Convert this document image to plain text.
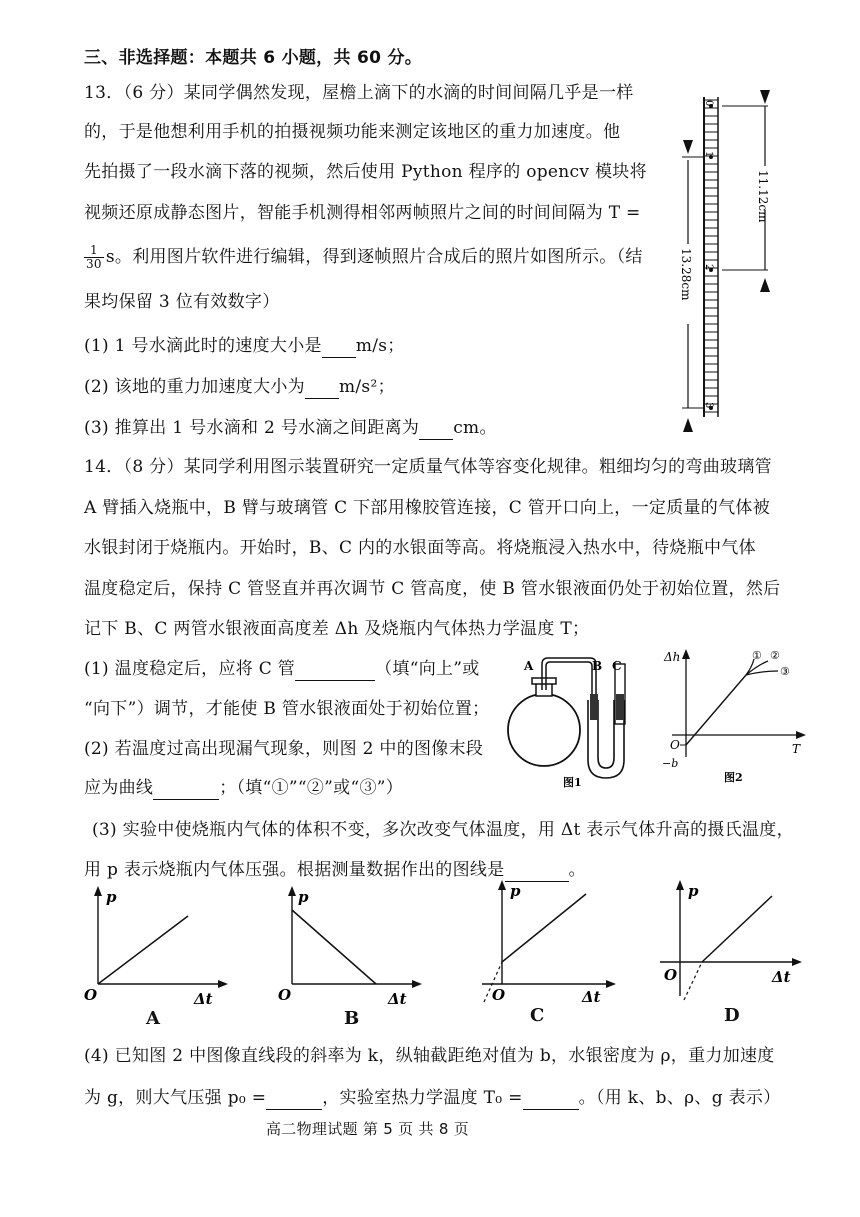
三、非选择题：本题共 6 小题，共 60 分。
13．（6 分）某同学偶然发现，屋檐上滴下的水滴的时间间隔几乎是一样
的，于是他想利用手机的拍摄视频功能来测定该地区的重力加速度。他
先拍摄了一段水滴下落的视频，然后使用 Python 程序的 opencv 模块将
视频还原成静态图片，智能手机测得相邻两帧照片之间的时间间隔为 T =
$\frac{1}{30}$ s。利用图片软件进行编辑，得到逐帧照片合成后的照片如图所示。（结
果均保留 3 位有效数字）
(1) 1 号水滴此时的速度大小是 m/s；
(2) 该地的重力加速度大小为 m/s²；
(3) 推算出 1 号水滴和 2 号水滴之间距离为 cm。
0
1
2
3
11.12cm
13.28cm
14．（8 分）某同学利用图示装置研究一定质量气体等容变化规律。粗细均匀的弯曲玻璃管
A 臂插入烧瓶中，B 臂与玻璃管 C 下部用橡胶管连接，C 管开口向上，一定质量的气体被
水银封闭于烧瓶内。开始时，B、C 内的水银面等高。将烧瓶浸入热水中，待烧瓶中气体
温度稳定后，保持 C 管竖直并再次调节 C 管高度，使 B 管水银液面仍处于初始位置，然后
记下 B、C 两管水银液面高度差 Δh 及烧瓶内气体热力学温度 T；
(1) 温度稳定后，应将 C 管	（填“向上”或
“向下”）调节，才能使 B 管水银液面处于初始位置；
(2) 若温度过高出现漏气现象，则图 2 中的图像末段
应为曲线	；（填“①”“②”或“③”）
A	B C
图1
Δh
T
O
−b
① ②
③
图2
(3) 实验中使烧瓶内气体的体积不变，多次改变气体温度，用 Δt 表示气体升高的摄氏温度，
用 p 表示烧瓶内气体压强。根据测量数据作出的图线是	。
p
O	Δt
A
p
O	Δt
B
p
O	Δt
C
p
O	Δt
D
(4) 已知图 2 中图像直线段的斜率为 k，纵轴截距绝对值为 b，水银密度为 ρ，重力加速度
为 g，则大气压强 p₀ =	，实验室热力学温度 T₀ =	。（用 k、b、ρ、g 表示）
高二物理试题 第 5 页 共 8 页
